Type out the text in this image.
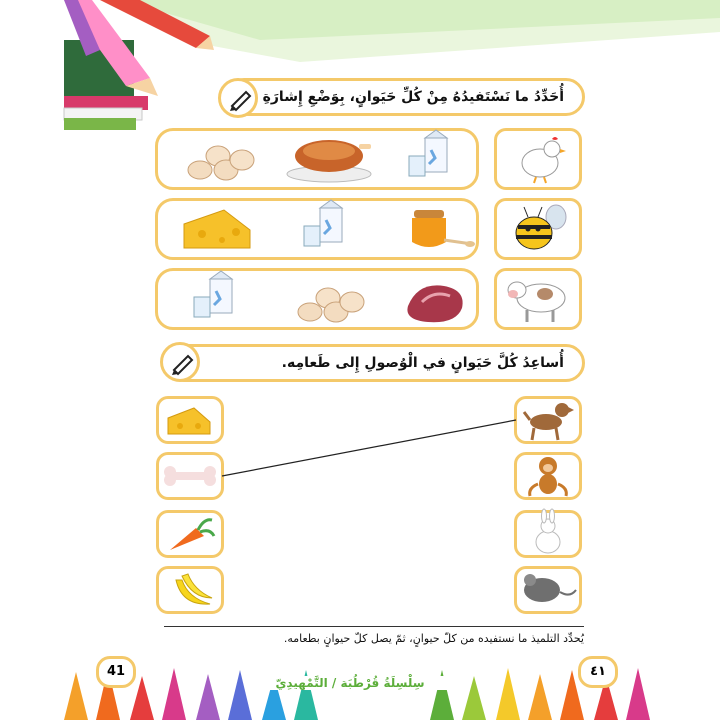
أُحَدِّدُ ما نَسْتَفيدُهُ مِنْ كُلِّ حَيَوانٍ، بِوَضْعِ إِشارَةِ
أُساعِدُ كُلَّ حَيَوانٍ في الْوُصولِ إِلى طَعامِه.
يُحدِّد التلميذ ما نستفيده من كلّ حيوانٍ، ثمّ يصل كلّ حيوانٍ بطعامه.
41	٤١
سِلْسِلَةُ قُرْطُبَة / التَّمْهيدِيّ
